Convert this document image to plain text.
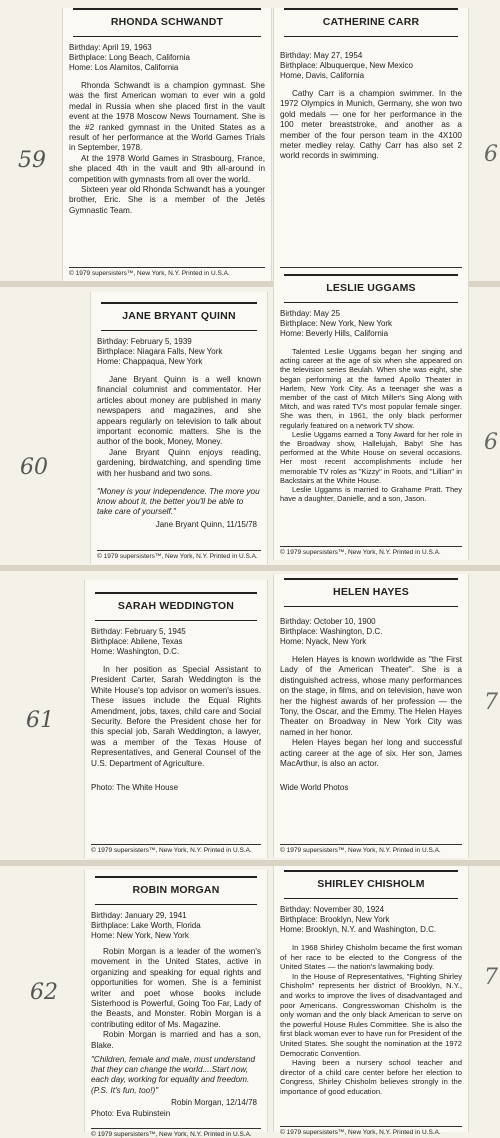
59
60
61
62
6
6
7
7
RHONDA SCHWANDT
Birthday: April 19, 1963
Birthplace: Long Beach, California
Home: Los Alamitos, California

Rhonda Schwandt is a champion gymnast. She was the first American woman to ever win a gold medal in Russia when she placed first in the vault event at the 1978 Moscow News Tournament. She is the #2 ranked gymnast in the United States as a result of her performance at the World Games Trials in September, 1978.

At the 1978 World Games in Strasbourg, France, she placed 4th in the vault and 9th all-around in competition with gymnasts from all over the world.

Sixteen year old Rhonda Schwandt has a younger brother, Eric. She is a member of the Jetés Gymnastic Team.

© 1979 supersisters™, New York, N.Y. Printed in U.S.A.
CATHERINE CARR
Birthday: May 27, 1954
Birthplace: Albuquerque, New Mexico
Home, Davis, California

Cathy Carr is a champion swimmer. In the 1972 Olympics in Munich, Germany, she won two gold medals — one for her performance in the 100 meter breaststroke, and another as a member of the four person team in the 4X100 meter medley relay. Cathy Carr has also set 2 world records in swimming.

JANE BRYANT QUINN
Birthday: February 5, 1939
Birthplace: Niagara Falls, New York
Home: Chappaqua, New York

Jane Bryant Quinn is a well known financial columnist and commentator. Her articles about money are published in many newspapers and magazines, and she appears regularly on television to talk about important economic matters. She is the author of the book, Money, Money.

Jane Bryant Quinn enjoys reading, gardening, birdwatching, and spending time with her husband and two sons.

"Money is your independence. The more you know about it, the better you'll be able to take care of yourself."
Jane Bryant Quinn, 11/15/78
© 1979 supersisters™, New York, N.Y. Printed in U.S.A.
LESLIE UGGAMS
Birthday: May 25
Birthplace: New York, New York
Home: Beverly Hills, California

Talented Leslie Uggams began her singing and acting career at the age of six when she appeared on the television series Beulah. When she was eight, she began performing at the famed Apollo Theater in Harlem, New York City. As a teenager she was a member of the cast of Mitch Miller's Sing Along with Mitch, and was rated TV's most popular female singer. She was then, in 1961, the only black performer regularly featured on a network TV show.

Leslie Uggams earned a Tony Award for her role in the Broadway show, Hallelujah, Baby! She has performed at the White House on several occasions. Her most recent accomplishments include her memorable TV roles as "Kizzy" in Roots, and "Lillian" in Backstairs at the White House.

Leslie Uggams is married to Grahame Pratt. They have a daughter, Danielle, and a son, Jason.

© 1979 supersisters™, New York, N.Y. Printed in U.S.A.
SARAH WEDDINGTON
Birthday: February 5, 1945
Birthplace: Abilene, Texas
Home: Washington, D.C.

In her position as Special Assistant to President Carter, Sarah Weddington is the White House's top advisor on women's issues. These issues include the Equal Rights Amendment, jobs, taxes, child care and Social Security. Before the President chose her for this special job, Sarah Weddington, a lawyer, was a member of the Texas House of Representatives, and General Counsel of the U.S. Department of Agriculture.

Photo: The White House
© 1979 supersisters™, New York, N.Y. Printed in U.S.A.
HELEN HAYES
Birthday: October 10, 1900
Birthplace: Washington, D.C.
Home: Nyack, New York

Helen Hayes is known worldwide as "the First Lady of the American Theater". She is a distinguished actress, whose many performances on the stage, in films, and on television, have won her the highest awards of her profession — the Tony, the Oscar, and the Emmy. The Helen Hayes Theater on Broadway in New York City was named in her honor.

Helen Hayes began her long and successful acting career at the age of six. Her son, James MacArthur, is also an actor.

Wide World Photos
© 1979 supersisters™, New York, N.Y. Printed in U.S.A.
ROBIN MORGAN
Birthday: January 29, 1941
Birthplace: Lake Worth, Florida
Home: New York, New York

Robin Morgan is a leader of the women's movement in the United States, active in organizing and speaking for equal rights and opportunities for women. She is a feminist writer and poet whose books include Sisterhood is Powerful, Going Too Far, Lady of the Beasts, and Monster. Robin Morgan is a contributing editor of Ms. Magazine.

Robin Morgan is married and has a son, Blake.

"Children, female and male, must understand that they can change the world....Start now, each day, working for equality and freedom. (P.S. It's fun, too!)"
Robin Morgan, 12/14/78
Photo: Eva Rubinstein
© 1979 supersisters™, New York, N.Y. Printed in U.S.A.
SHIRLEY CHISHOLM
Birthday: November 30, 1924
Birthplace: Brooklyn, New York
Home: Brooklyn, N.Y. and Washington, D.C.

In 1968 Shirley Chisholm became the first woman of her race to be elected to the Congress of the United States — the nation's lawmaking body.

In the House of Representatives, "Fighting Shirley Chisholm" represents her district of Brooklyn, N.Y., and works to improve the lives of disadvantaged and poor Americans. Congresswoman Chisholm is the only woman and the only black American to serve on the powerful House Rules Committee. She is also the first black woman ever to have run for President of the United States. She sought the nomination at the 1972 Democratic Convention.

Having been a nursery school teacher and director of a child care center before her election to Congress, Shirley Chisholm believes strongly in the importance of good education.

© 1979 supersisters™, New York, N.Y. Printed in U.S.A.
